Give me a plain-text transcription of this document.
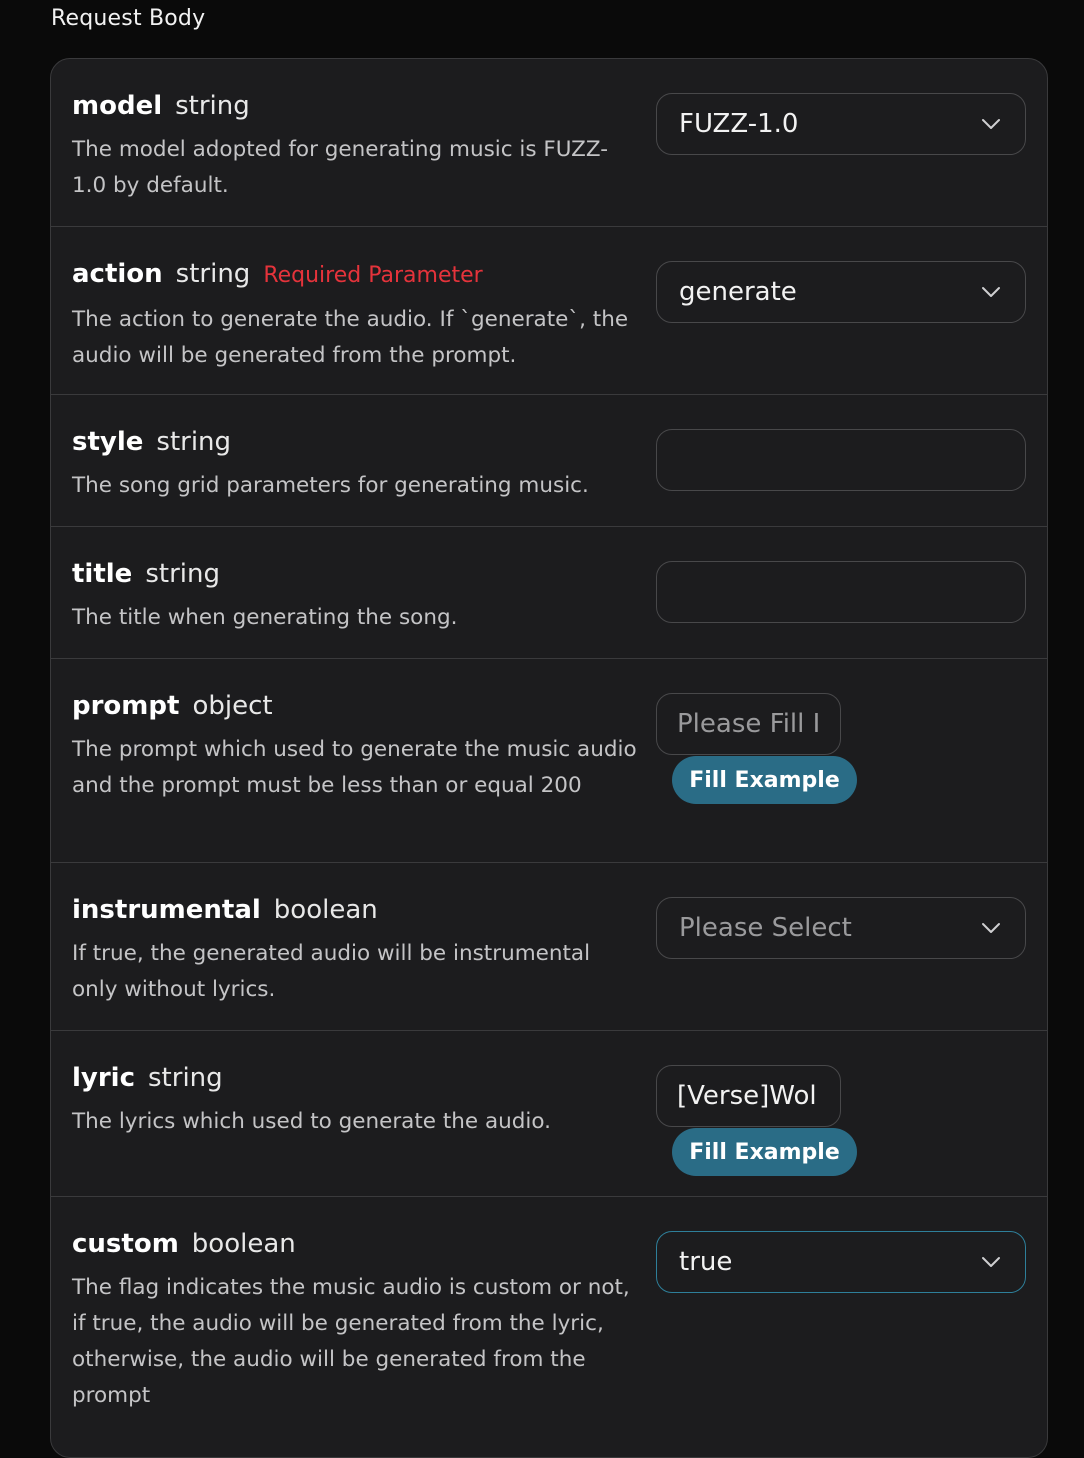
Request Body
model string
The model adopted for generating music is FUZZ-1.0 by default.
FUZZ-1.0
action string Required Parameter
The action to generate the audio. If `generate`, the audio will be generated from the prompt.
generate
style string
The song grid parameters for generating music.
title string
The title when generating the song.
prompt object
The prompt which used to generate the music audio and the prompt must be less than or equal 200
Please Fill I	Fill Example
instrumental boolean
If true, the generated audio will be instrumental only without lyrics.
Please Select
lyric string
The lyrics which used to generate the audio.
[Verse]Wol
Fill Example
custom boolean
The flag indicates the music audio is custom or not, if true, the audio will be generated from the lyric, otherwise, the audio will be generated from the prompt
true
